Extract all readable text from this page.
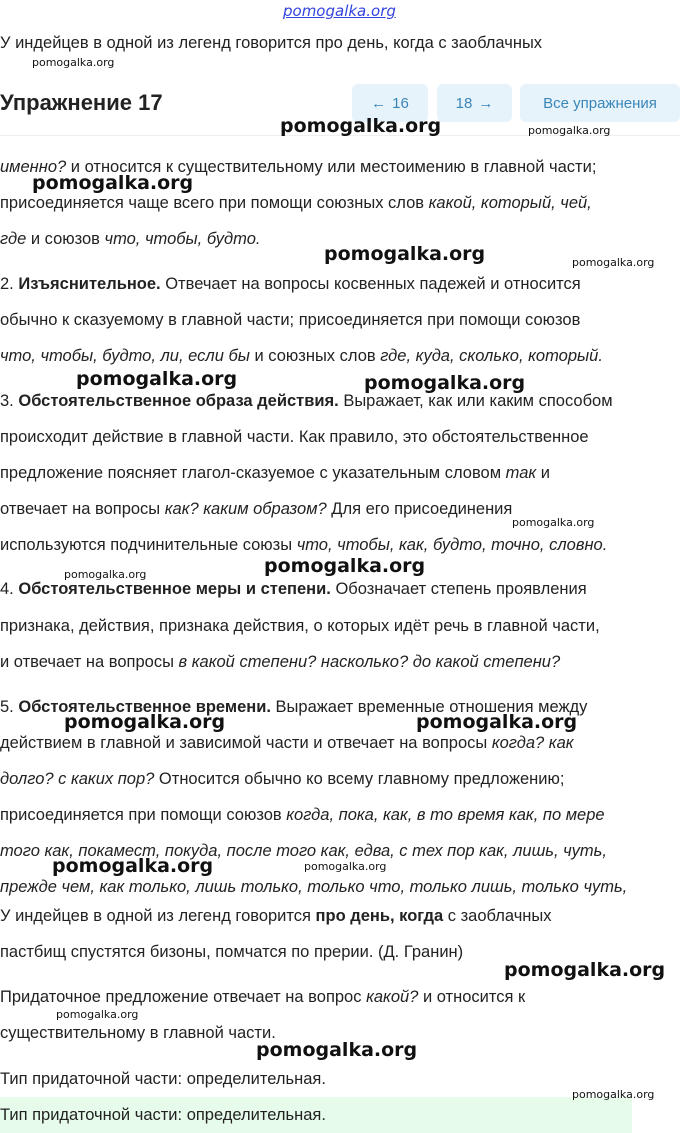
pomogalka.org
У индейцев в одной из легенд говорится про день, когда с заоблачных
Упражнение 17	← 16	18 →	Все упражнения
именно? и относится к существительному или местоимению в главной части;
присоединяется чаще всего при помощи союзных слов какой, который, чей,
где и союзов что, чтобы, будто.
2. Изъяснительное. Отвечает на вопросы косвенных падежей и относится
обычно к сказуемому в главной части; присоединяется при помощи союзов
что, чтобы, будто, ли, если бы и союзных слов где, куда, сколько, который.
3. Обстоятельственное образа действия. Выражает, как или каким способом
происходит действие в главной части. Как правило, это обстоятельственное
предложение поясняет глагол-сказуемое с указательным словом так и
отвечает на вопросы как? каким образом? Для его присоединения
используются подчинительные союзы что, чтобы, как, будто, точно, словно.
4. Обстоятельственное меры и степени. Обозначает степень проявления
признака, действия, признака действия, о которых идёт речь в главной части,
и отвечает на вопросы в какой степени? насколько? до какой степени?
5. Обстоятельственное времени. Выражает временные отношения между
действием в главной и зависимой части и отвечает на вопросы когда? как
долго? с каких пор? Относится обычно ко всему главному предложению;
присоединяется при помощи союзов когда, пока, как, в то время как, по мере
того как, покамест, покуда, после того как, едва, с тех пор как, лишь, чуть,
прежде чем, как только, лишь только, только что, только лишь, только чуть,
У индейцев в одной из легенд говорится про день, когда с заоблачных
пастбищ спустятся бизоны, помчатся по прерии. (Д. Гранин)
Придаточное предложение отвечает на вопрос какой? и относится к
существительному в главной части.
Тип придаточной части: определительная.
Тип придаточной части: определительная.
pomogalka.org
pomogalka.org	pomogalka.org
pomogalka.org
pomogalka.org	pomogalka.org
pomogalka.org	pomogalka.org
pomogalka.org
pomogalka.org	pomogalka.org
pomogalka.org	pomogalka.org
pomogalka.org	pomogalka.org
pomogalka.org
pomogalka.org
pomogalka.org
pomogalka.org
